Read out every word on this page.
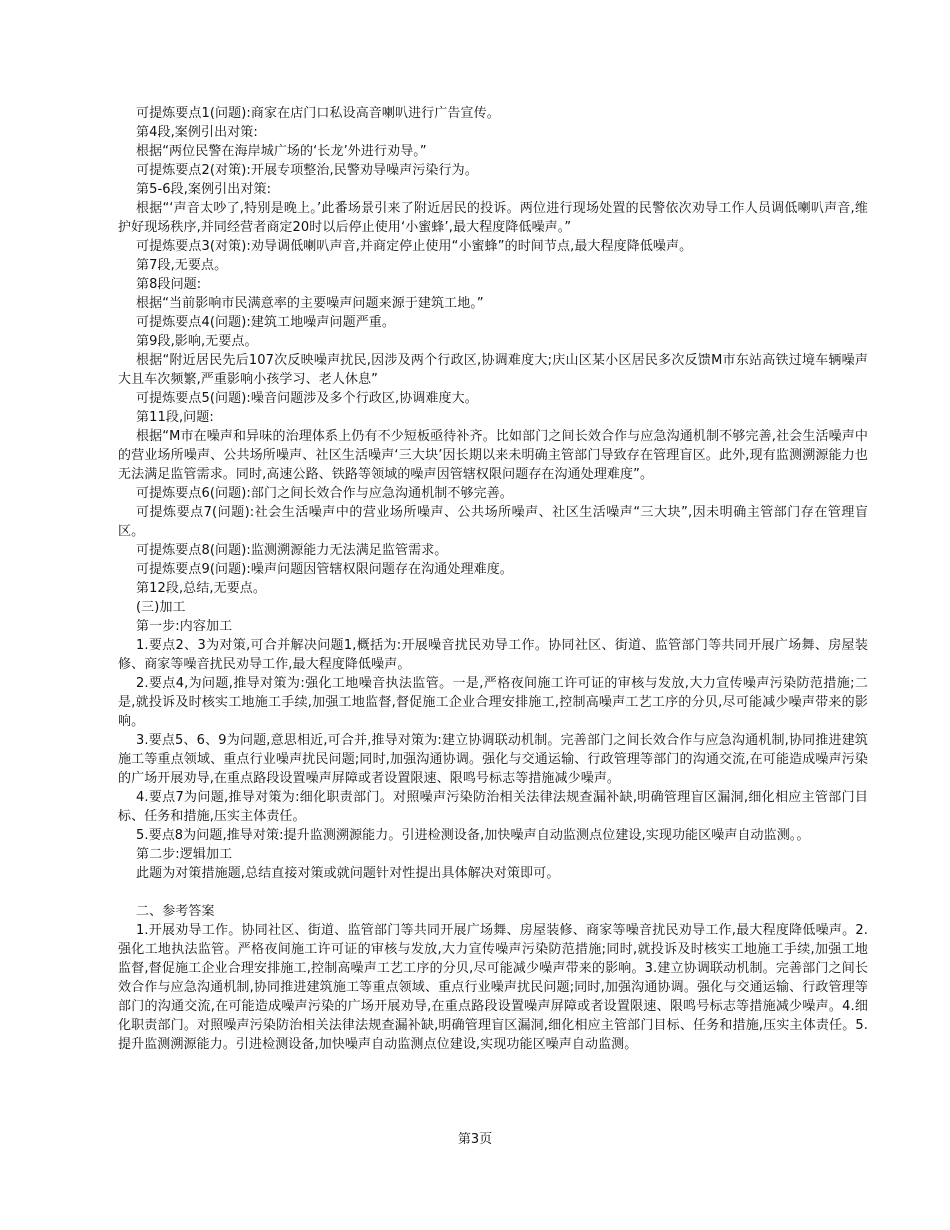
可提炼要点1(问题):商家在店门口私设高音喇叭进行广告宣传。

第4段,案例引出对策:

根据“两位民警在海岸城广场的‘长龙’外进行劝导。”

可提炼要点2(对策):开展专项整治,民警劝导噪声污染行为。

第5-6段,案例引出对策:

根据“‘声音太吵了,特别是晚上。’此番场景引来了附近居民的投诉。两位进行现场处置的民警依次劝导工作人员调低喇叭声音,维护好现场秩序,并同经营者商定20时以后停止使用‘小蜜蜂’,最大程度降低噪声。”

可提炼要点3(对策):劝导调低喇叭声音,并商定停止使用“小蜜蜂”的时间节点,最大程度降低噪声。

第7段,无要点。

第8段问题:

根据“当前影响市民满意率的主要噪声问题来源于建筑工地。”

可提炼要点4(问题):建筑工地噪声问题严重。

第9段,影响,无要点。

根据“附近居民先后107次反映噪声扰民,因涉及两个行政区,协调难度大;庆山区某小区居民多次反馈M市东站高铁过境车辆噪声大且车次频繁,严重影响小孩学习、老人休息”

可提炼要点5(问题):噪音问题涉及多个行政区,协调难度大。

第11段,问题:

根据“M市在噪声和异味的治理体系上仍有不少短板亟待补齐。比如部门之间长效合作与应急沟通机制不够完善,社会生活噪声中的营业场所噪声、公共场所噪声、社区生活噪声‘三大块’因长期以来未明确主管部门导致存在管理盲区。此外,现有监测溯源能力也无法满足监管需求。同时,高速公路、铁路等领域的噪声因管辖权限问题存在沟通处理难度”。

可提炼要点6(问题):部门之间长效合作与应急沟通机制不够完善。

可提炼要点7(问题):社会生活噪声中的营业场所噪声、公共场所噪声、社区生活噪声“三大块”,因未明确主管部门存在管理盲区。

可提炼要点8(问题):监测溯源能力无法满足监管需求。

可提炼要点9(问题):噪声问题因管辖权限问题存在沟通处理难度。

第12段,总结,无要点。

(三)加工

第一步:内容加工

1.要点2、3为对策,可合并解决问题1,概括为:开展噪音扰民劝导工作。协同社区、街道、监管部门等共同开展广场舞、房屋装修、商家等噪音扰民劝导工作,最大程度降低噪声。

2.要点4,为问题,推导对策为:强化工地噪音执法监管。一是,严格夜间施工许可证的审核与发放,大力宣传噪声污染防范措施;二是,就投诉及时核实工地施工手续,加强工地监督,督促施工企业合理安排施工,控制高噪声工艺工序的分贝,尽可能减少噪声带来的影响。

3.要点5、6、9为问题,意思相近,可合并,推导对策为:建立协调联动机制。完善部门之间长效合作与应急沟通机制,协同推进建筑施工等重点领域、重点行业噪声扰民问题;同时,加强沟通协调。强化与交通运输、行政管理等部门的沟通交流,在可能造成噪声污染的广场开展劝导,在重点路段设置噪声屏障或者设置限速、限鸣号标志等措施减少噪声。

4.要点7为问题,推导对策为:细化职责部门。对照噪声污染防治相关法律法规查漏补缺,明确管理盲区漏洞,细化相应主管部门目标、任务和措施,压实主体责任。

5.要点8为问题,推导对策:提升监测溯源能力。引进检测设备,加快噪声自动监测点位建设,实现功能区噪声自动监测。。

第二步:逻辑加工

此题为对策措施题,总结直接对策或就问题针对性提出具体解决对策即可。

二、参考答案

1.开展劝导工作。协同社区、街道、监管部门等共同开展广场舞、房屋装修、商家等噪音扰民劝导工作,最大程度降低噪声。2.强化工地执法监管。严格夜间施工许可证的审核与发放,大力宣传噪声污染防范措施;同时,就投诉及时核实工地施工手续,加强工地监督,督促施工企业合理安排施工,控制高噪声工艺工序的分贝,尽可能减少噪声带来的影响。3.建立协调联动机制。完善部门之间长效合作与应急沟通机制,协同推进建筑施工等重点领域、重点行业噪声扰民问题;同时,加强沟通协调。强化与交通运输、行政管理等部门的沟通交流,在可能造成噪声污染的广场开展劝导,在重点路段设置噪声屏障或者设置限速、限鸣号标志等措施减少噪声。4.细化职责部门。对照噪声污染防治相关法律法规查漏补缺,明确管理盲区漏洞,细化相应主管部门目标、任务和措施,压实主体责任。5.提升监测溯源能力。引进检测设备,加快噪声自动监测点位建设,实现功能区噪声自动监测。

第3页
